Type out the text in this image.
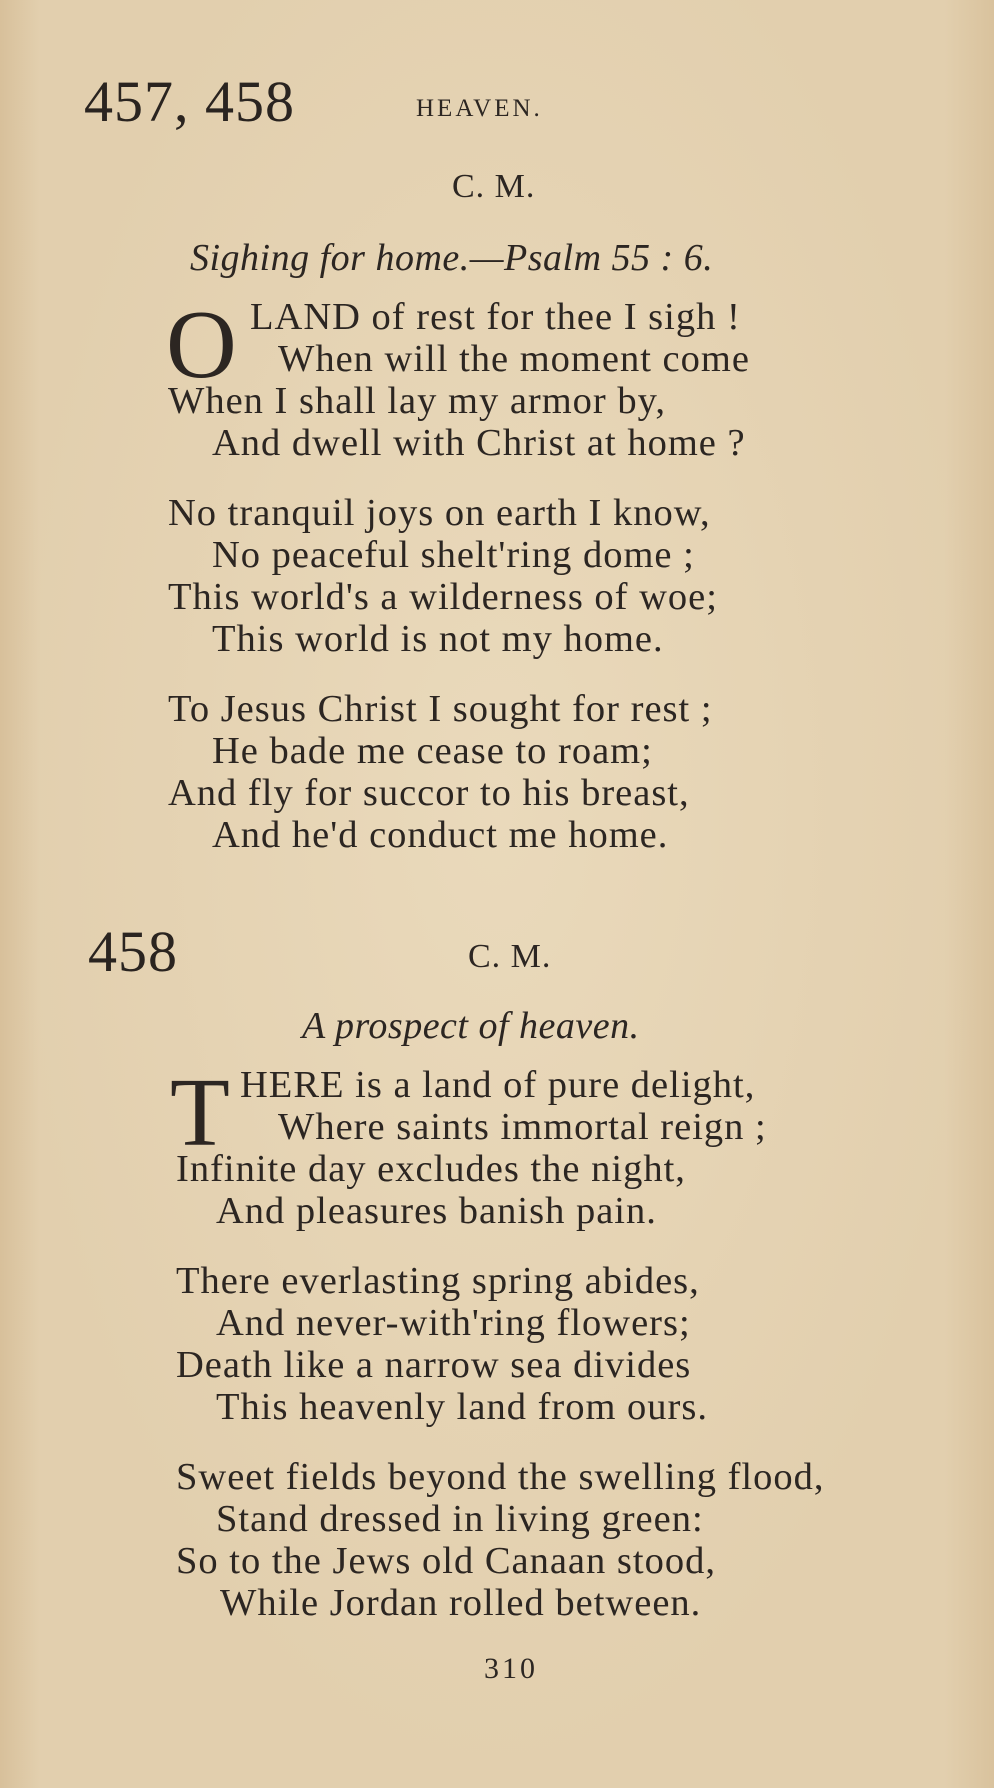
457, 458	HEAVEN.
C. M.
Sighing for home.—Psalm 55 : 6.
O LAND of rest for thee I sigh !
When will the moment come
When I shall lay my armor by,
And dwell with Christ at home ?
No tranquil joys on earth I know,
No peaceful shelt'ring dome ;
This world's a wilderness of woe;
This world is not my home.
To Jesus Christ I sought for rest ;
He bade me cease to roam;
And fly for succor to his breast,
And he'd conduct me home.
458	C. M.
A prospect of heaven.
T HERE is a land of pure delight,
Where saints immortal reign ;
Infinite day excludes the night,
And pleasures banish pain.
There everlasting spring abides,
And never-with'ring flowers;
Death like a narrow sea divides
This heavenly land from ours.
Sweet fields beyond the swelling flood,
Stand dressed in living green:
So to the Jews old Canaan stood,
While Jordan rolled between.
310
